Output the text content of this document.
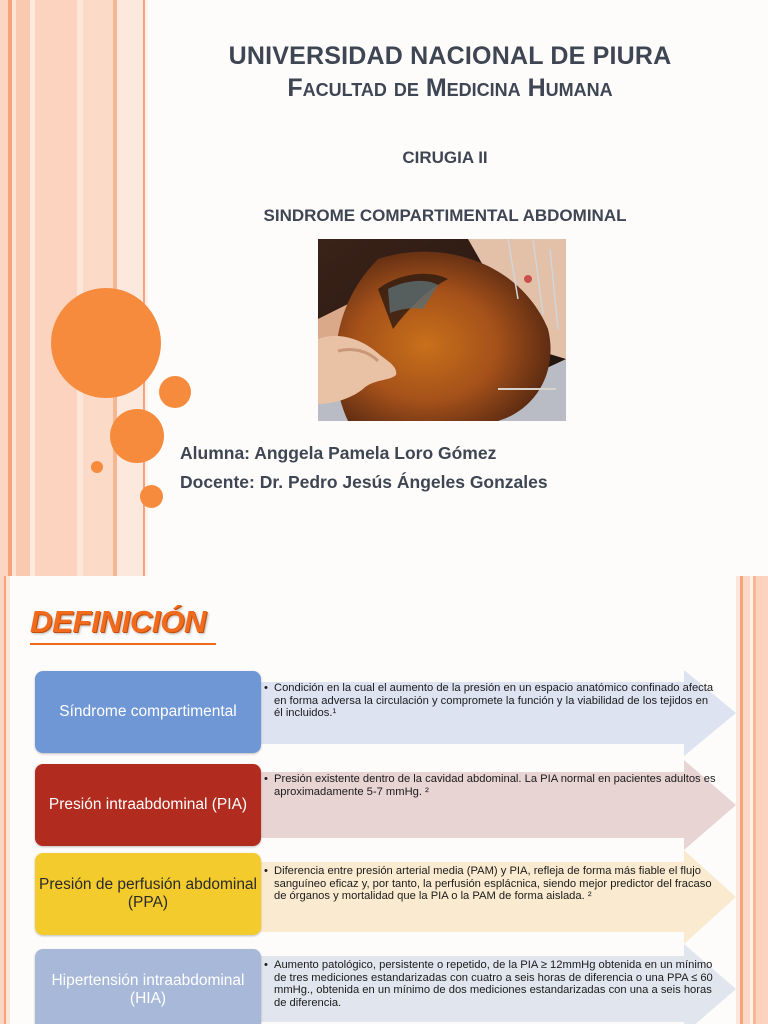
UNIVERSIDAD NACIONAL DE PIURA
Facultad de Medicina Humana

CIRUGIA II

SINDROME COMPARTIMENTAL ABDOMINAL

Alumna: Anggela Pamela Loro Gómez

Docente: Dr. Pedro Jesús Ángeles Gonzales

DEFINICIÓN
Síndrome compartimental

• Condición en la cual el aumento de la presión en un espacio anatómico confinado afecta en forma adversa la circulación y compromete la función y la viabilidad de los tejidos en él incluidos.¹

Presión intraabdominal (PIA)

• Presión existente dentro de la cavidad abdominal. La PIA normal en pacientes adultos es aproximadamente 5-7 mmHg. ²

Presión de perfusión abdominal (PPA)

• Diferencia entre presión arterial media (PAM) y PIA, refleja de forma más fiable el flujo sanguíneo eficaz y, por tanto, la perfusión esplácnica, siendo mejor predictor del fracaso de órganos y mortalidad que la PIA o la PAM de forma aislada. ²

Hipertensión intraabdominal (HIA)

• Aumento patológico, persistente o repetido, de la PIA ≥ 12mmHg obtenida en un mínimo de tres mediciones estandarizadas con cuatro a seis horas de diferencia o una PPA ≤ 60 mmHg., obtenida en un mínimo de dos mediciones estandarizadas con una a seis horas de diferencia.
